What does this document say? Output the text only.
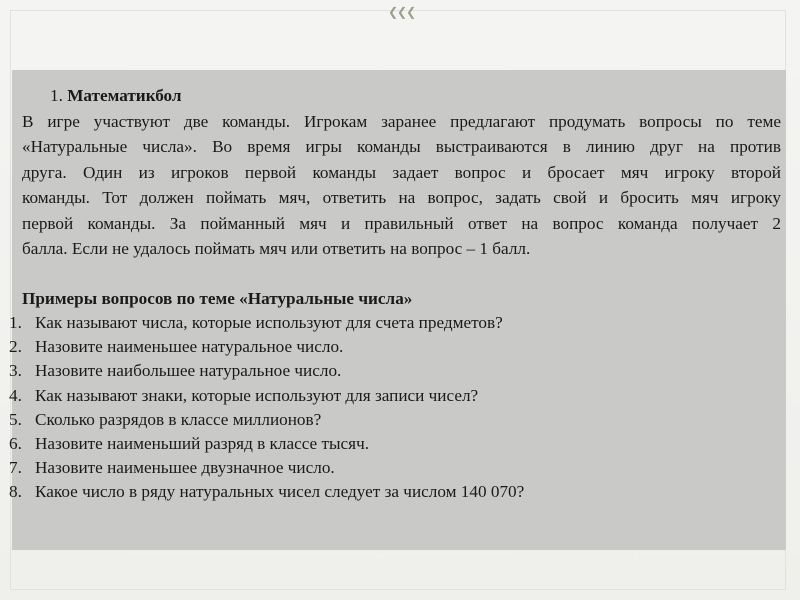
❮❮❮
1. Математикбол
В игре участвуют две команды. Игрокам заранее предлагают продумать вопросы по теме
«Натуральные числа». Во время игры команды выстраиваются в линию друг на против
друга. Один из игроков первой команды задает вопрос и бросает мяч игроку второй
команды. Тот должен поймать мяч, ответить на вопрос, задать свой и бросить мяч игроку
первой команды. За пойманный мяч и правильный ответ на вопрос команда получает 2
балла. Если не удалось поймать мяч или ответить на вопрос – 1 балл.
Примеры вопросов по теме «Натуральные числа»
1. Как называют числа, которые используют для счета предметов?
2. Назовите наименьшее натуральное число.
3. Назовите наибольшее натуральное число.
4. Как называют знаки, которые используют для записи чисел?
5. Сколько разрядов в классе миллионов?
6. Назовите наименьший разряд в классе тысяч.
7. Назовите наименьшее двузначное число.
8. Какое число в ряду натуральных чисел следует за числом 140 070?
